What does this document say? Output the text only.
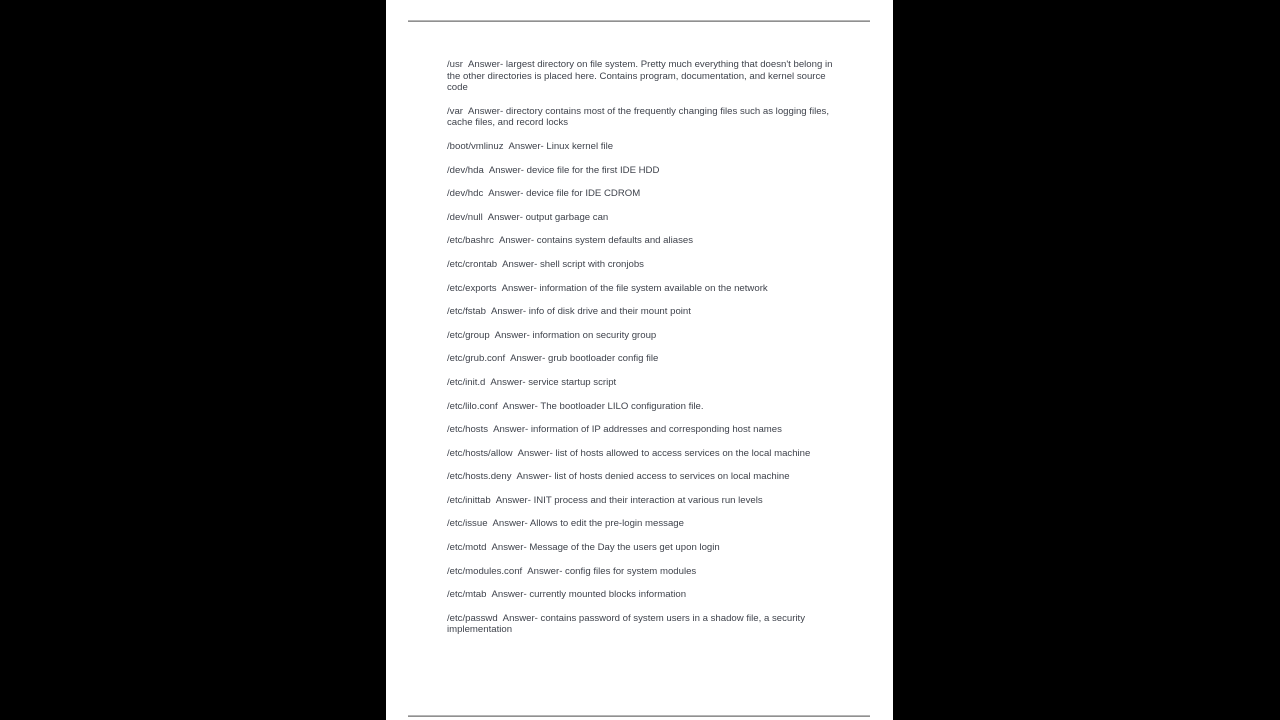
/usr Answer- largest directory on file system. Pretty much everything that doesn't belong in the other directories is placed here. Contains program, documentation, and kernel source code

/var Answer- directory contains most of the frequently changing files such as logging files, cache files, and record locks

/boot/vmlinuz Answer- Linux kernel file

/dev/hda Answer- device file for the first IDE HDD

/dev/hdc Answer- device file for IDE CDROM

/dev/null Answer- output garbage can

/etc/bashrc Answer- contains system defaults and aliases

/etc/crontab Answer- shell script with cronjobs

/etc/exports Answer- information of the file system available on the network

/etc/fstab Answer- info of disk drive and their mount point

/etc/group Answer- information on security group

/etc/grub.conf Answer- grub bootloader config file

/etc/init.d Answer- service startup script

/etc/lilo.conf Answer- The bootloader LILO configuration file.

/etc/hosts Answer- information of IP addresses and corresponding host names

/etc/hosts/allow Answer- list of hosts allowed to access services on the local machine

/etc/hosts.deny Answer- list of hosts denied access to services on local machine

/etc/inittab Answer- INIT process and their interaction at various run levels

/etc/issue Answer- Allows to edit the pre-login message

/etc/motd Answer- Message of the Day the users get upon login

/etc/modules.conf Answer- config files for system modules

/etc/mtab Answer- currently mounted blocks information

/etc/passwd Answer- contains password of system users in a shadow file, a security implementation
